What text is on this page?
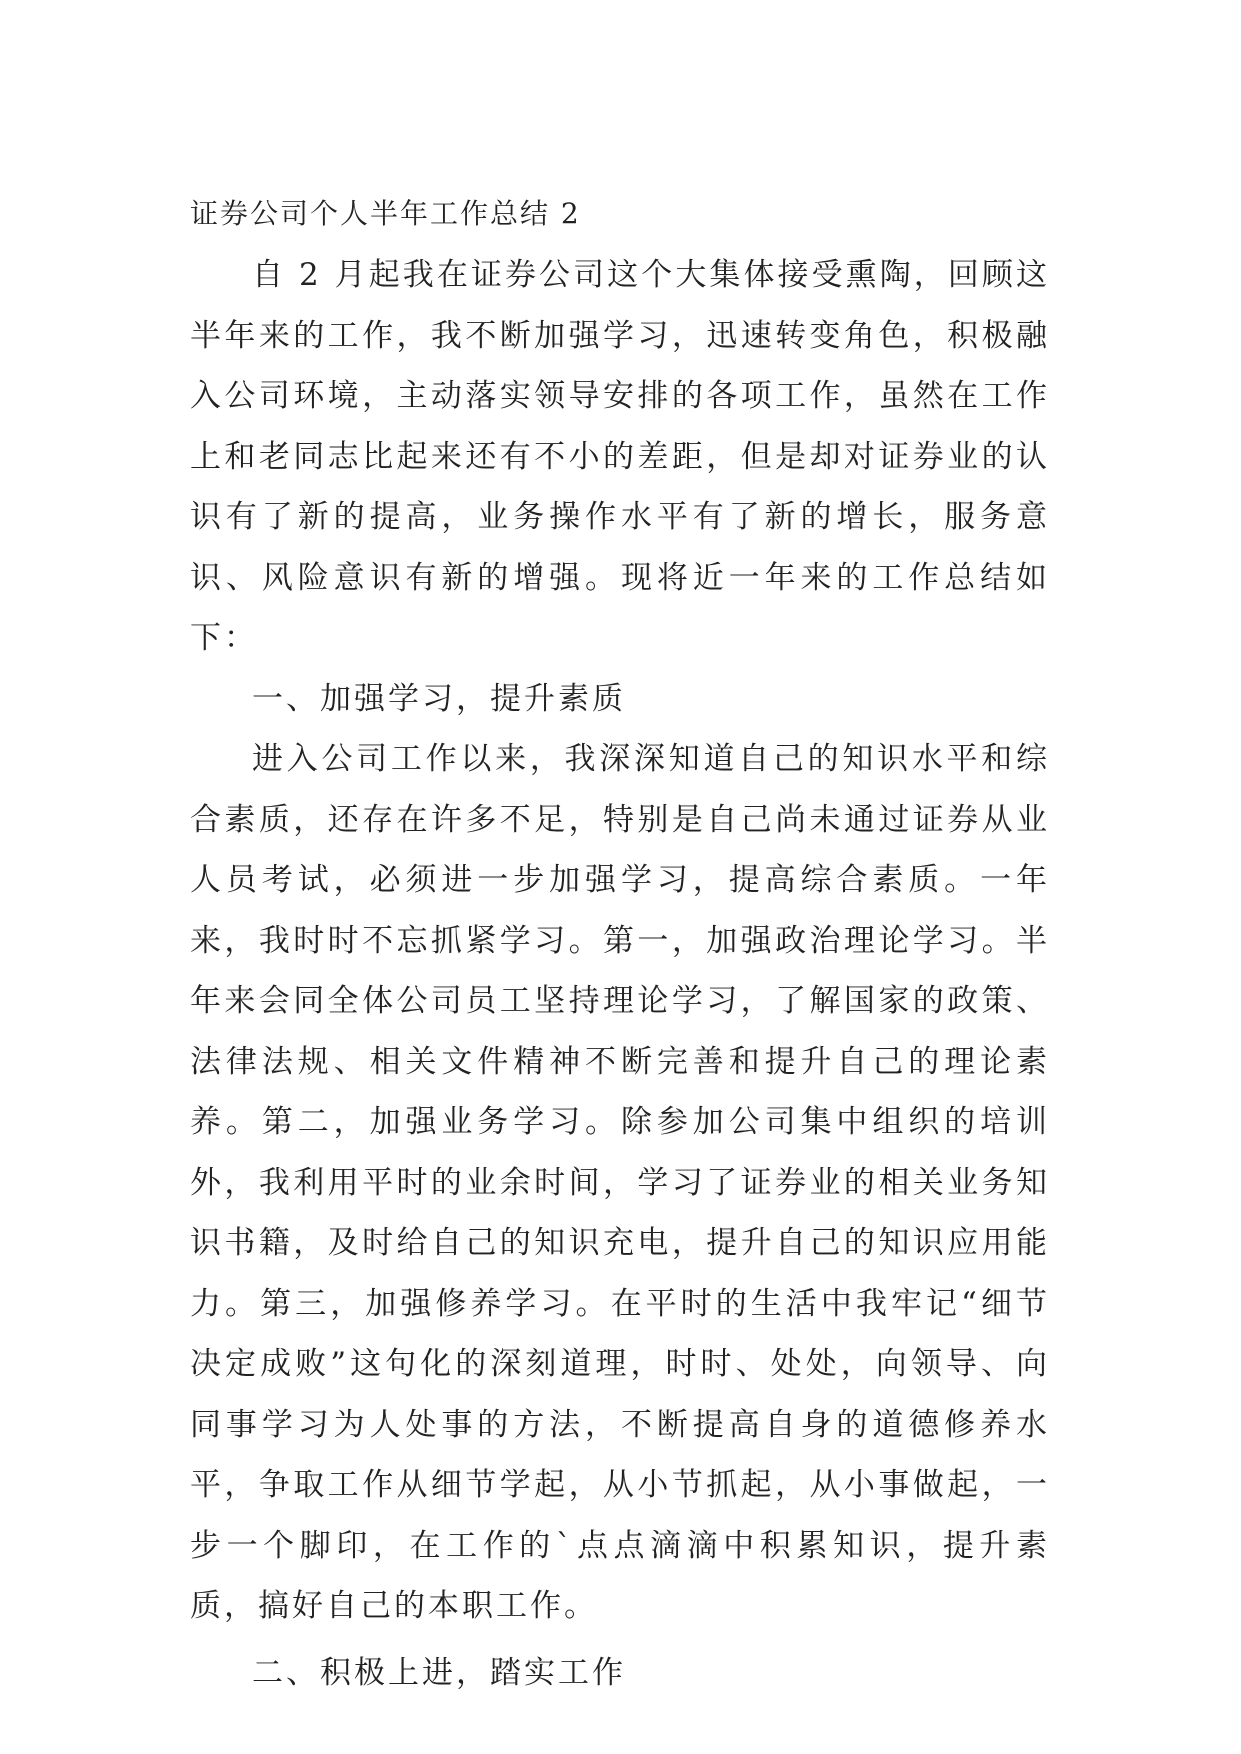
证券公司个人半年工作总结 2

自 2 月起我在证券公司这个大集体接受熏陶，回顾这半年来的工作，我不断加强学习，迅速转变角色，积极融入公司环境，主动落实领导安排的各项工作，虽然在工作上和老同志比起来还有不小的差距，但是却对证券业的认识有了新的提高，业务操作水平有了新的增长，服务意识、风险意识有新的增强。现将近一年来的工作总结如下：

一、加强学习，提升素质

进入公司工作以来，我深深知道自己的知识水平和综合素质，还存在许多不足，特别是自己尚未通过证券从业人员考试，必须进一步加强学习，提高综合素质。一年来，我时时不忘抓紧学习。第一，加强政治理论学习。半年来会同全体公司员工坚持理论学习，了解国家的政策、法律法规、相关文件精神不断完善和提升自己的理论素养。第二，加强业务学习。除参加公司集中组织的培训外，我利用平时的业余时间，学习了证券业的相关业务知识书籍，及时给自己的知识充电，提升自己的知识应用能力。第三，加强修养学习。在平时的生活中我牢记“细节决定成败”这句化的深刻道理，时时、处处，向领导、向同事学习为人处事的方法，不断提高自身的道德修养水平，争取工作从细节学起，从小节抓起，从小事做起，一步一个脚印，在工作的`点点滴滴中积累知识，提升素质，搞好自己的本职工作。

二、积极上进，踏实工作
